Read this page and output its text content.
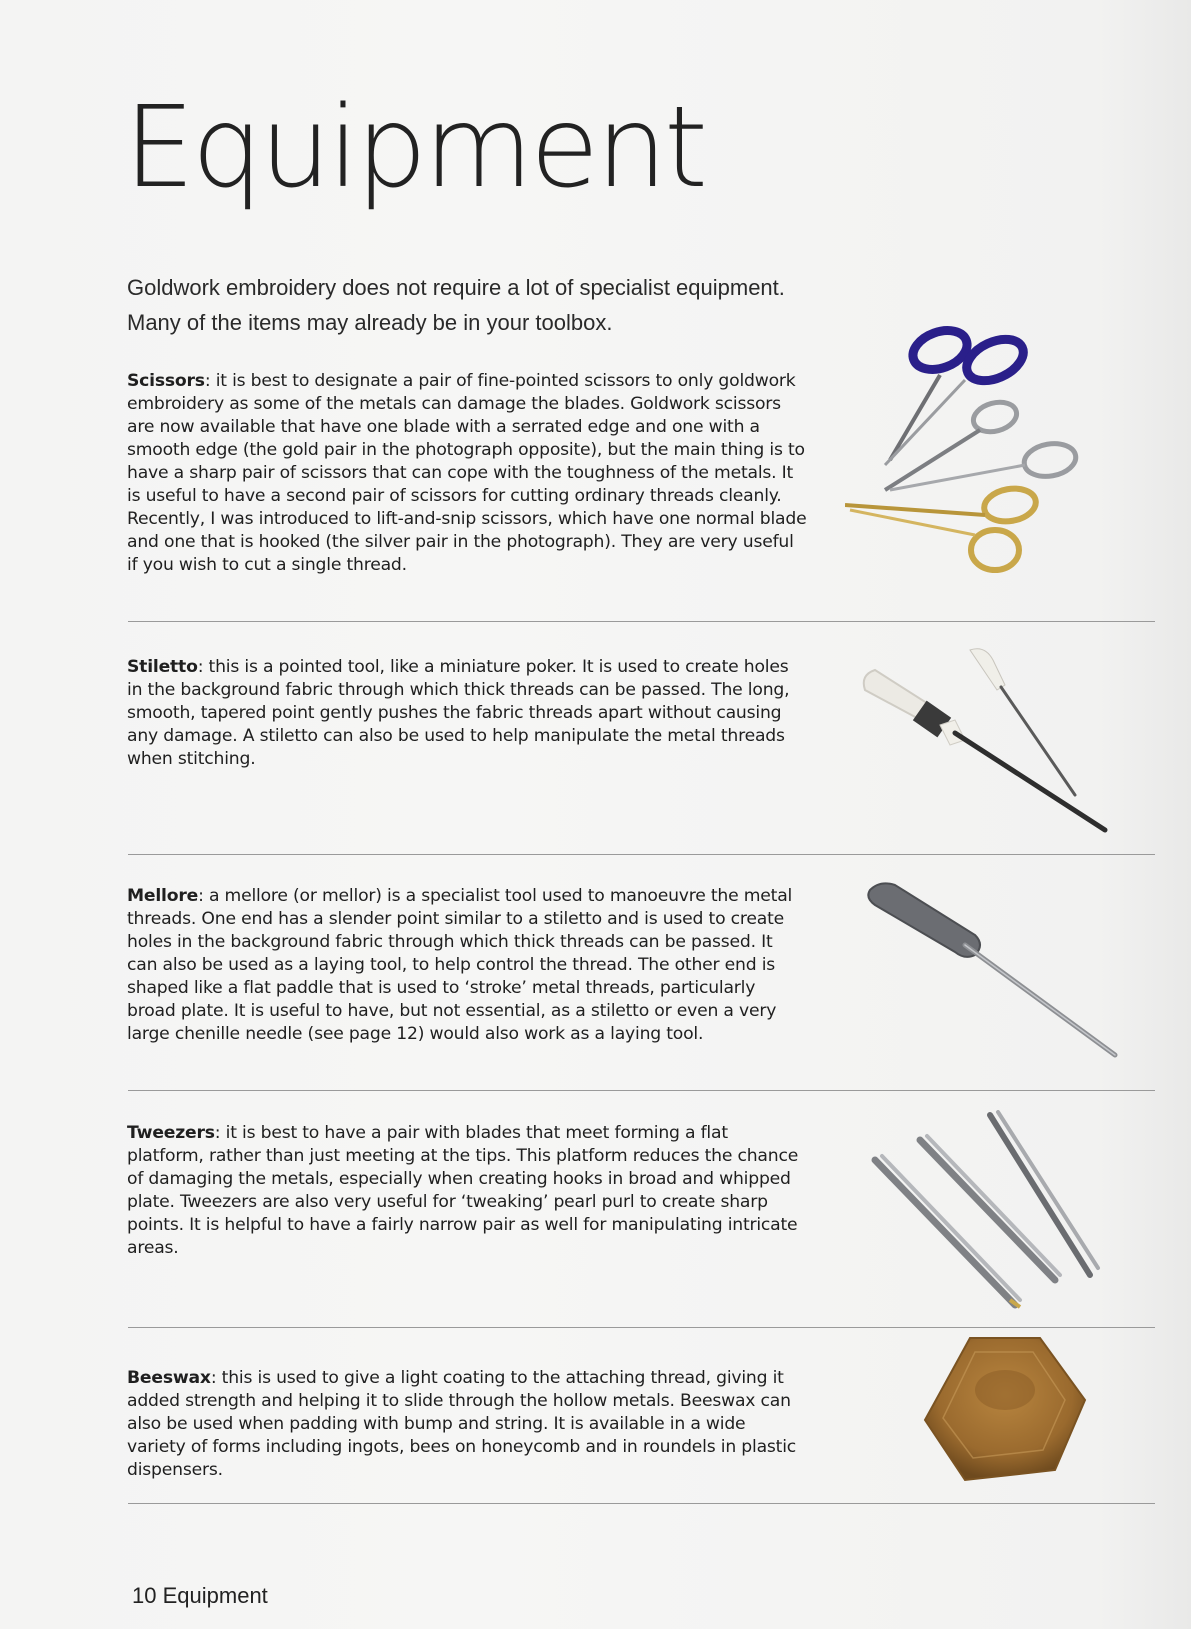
Equipment

Goldwork embroidery does not require a lot of specialist equipment. Many of the items may already be in your toolbox.

Scissors: it is best to designate a pair of fine-pointed scissors to only goldwork embroidery as some of the metals can damage the blades. Goldwork scissors are now available that have one blade with a serrated edge and one with a smooth edge (the gold pair in the photograph opposite), but the main thing is to have a sharp pair of scissors that can cope with the toughness of the metals. It is useful to have a second pair of scissors for cutting ordinary threads cleanly. Recently, I was introduced to lift-and-snip scissors, which have one normal blade and one that is hooked (the silver pair in the photograph). They are very useful if you wish to cut a single thread.

Stiletto: this is a pointed tool, like a miniature poker. It is used to create holes in the background fabric through which thick threads can be passed. The long, smooth, tapered point gently pushes the fabric threads apart without causing any damage. A stiletto can also be used to help manipulate the metal threads when stitching.

Mellore: a mellore (or mellor) is a specialist tool used to manoeuvre the metal threads. One end has a slender point similar to a stiletto and is used to create holes in the background fabric through which thick threads can be passed. It can also be used as a laying tool, to help control the thread. The other end is shaped like a flat paddle that is used to ‘stroke’ metal threads, particularly broad plate. It is useful to have, but not essential, as a stiletto or even a very large chenille needle (see page 12) would also work as a laying tool.

Tweezers: it is best to have a pair with blades that meet forming a flat platform, rather than just meeting at the tips. This platform reduces the chance of damaging the metals, especially when creating hooks in broad and whipped plate. Tweezers are also very useful for ‘tweaking’ pearl purl to create sharp points. It is helpful to have a fairly narrow pair as well for manipulating intricate areas.

Beeswax: this is used to give a light coating to the attaching thread, giving it added strength and helping it to slide through the hollow metals. Beeswax can also be used when padding with bump and string. It is available in a wide variety of forms including ingots, bees on honeycomb and in roundels in plastic dispensers.

10 Equipment
